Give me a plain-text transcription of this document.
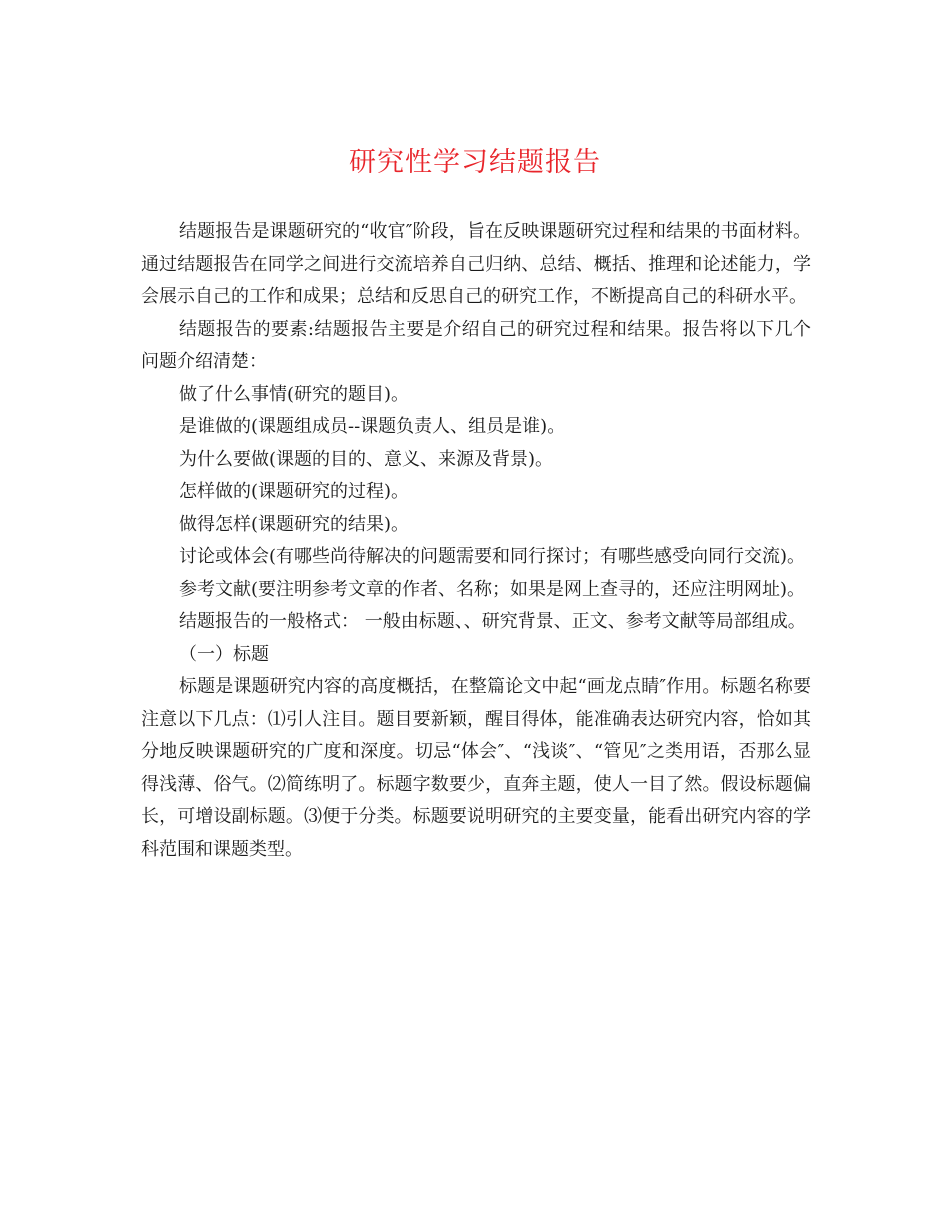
研究性学习结题报告

结题报告是课题研究的“收官″阶段，旨在反映课题研究过程和结果的书面材料。通过结题报告在同学之间进行交流培养自己归纳、总结、概括、推理和论述能力，学会展示自己的工作和成果；总结和反思自己的研究工作，不断提高自己的科研水平。

结题报告的要素:结题报告主要是介绍自己的研究过程和结果。报告将以下几个问题介绍清楚：

做了什么事情(研究的题目)。

是谁做的(课题组成员--课题负责人、组员是谁)。

为什么要做(课题的目的、意义、来源及背景)。

怎样做的(课题研究的过程)。

做得怎样(课题研究的结果)。

讨论或体会(有哪些尚待解决的问题需要和同行探讨；有哪些感受向同行交流)。

参考文献(要注明参考文章的作者、名称；如果是网上查寻的，还应注明网址)。

结题报告的一般格式： 一般由标题、、研究背景、正文、参考文献等局部组成。

（一）标题

标题是课题研究内容的高度概括，在整篇论文中起“画龙点睛″作用。标题名称要注意以下几点：⑴引人注目。题目要新颖，醒目得体，能准确表达研究内容，恰如其分地反映课题研究的广度和深度。切忌“体会″、“浅谈″、“管见″之类用语，否那么显得浅薄、俗气。⑵简练明了。标题字数要少，直奔主题，使人一目了然。假设标题偏长，可增设副标题。⑶便于分类。标题要说明研究的主要变量，能看出研究内容的学科范围和课题类型。
